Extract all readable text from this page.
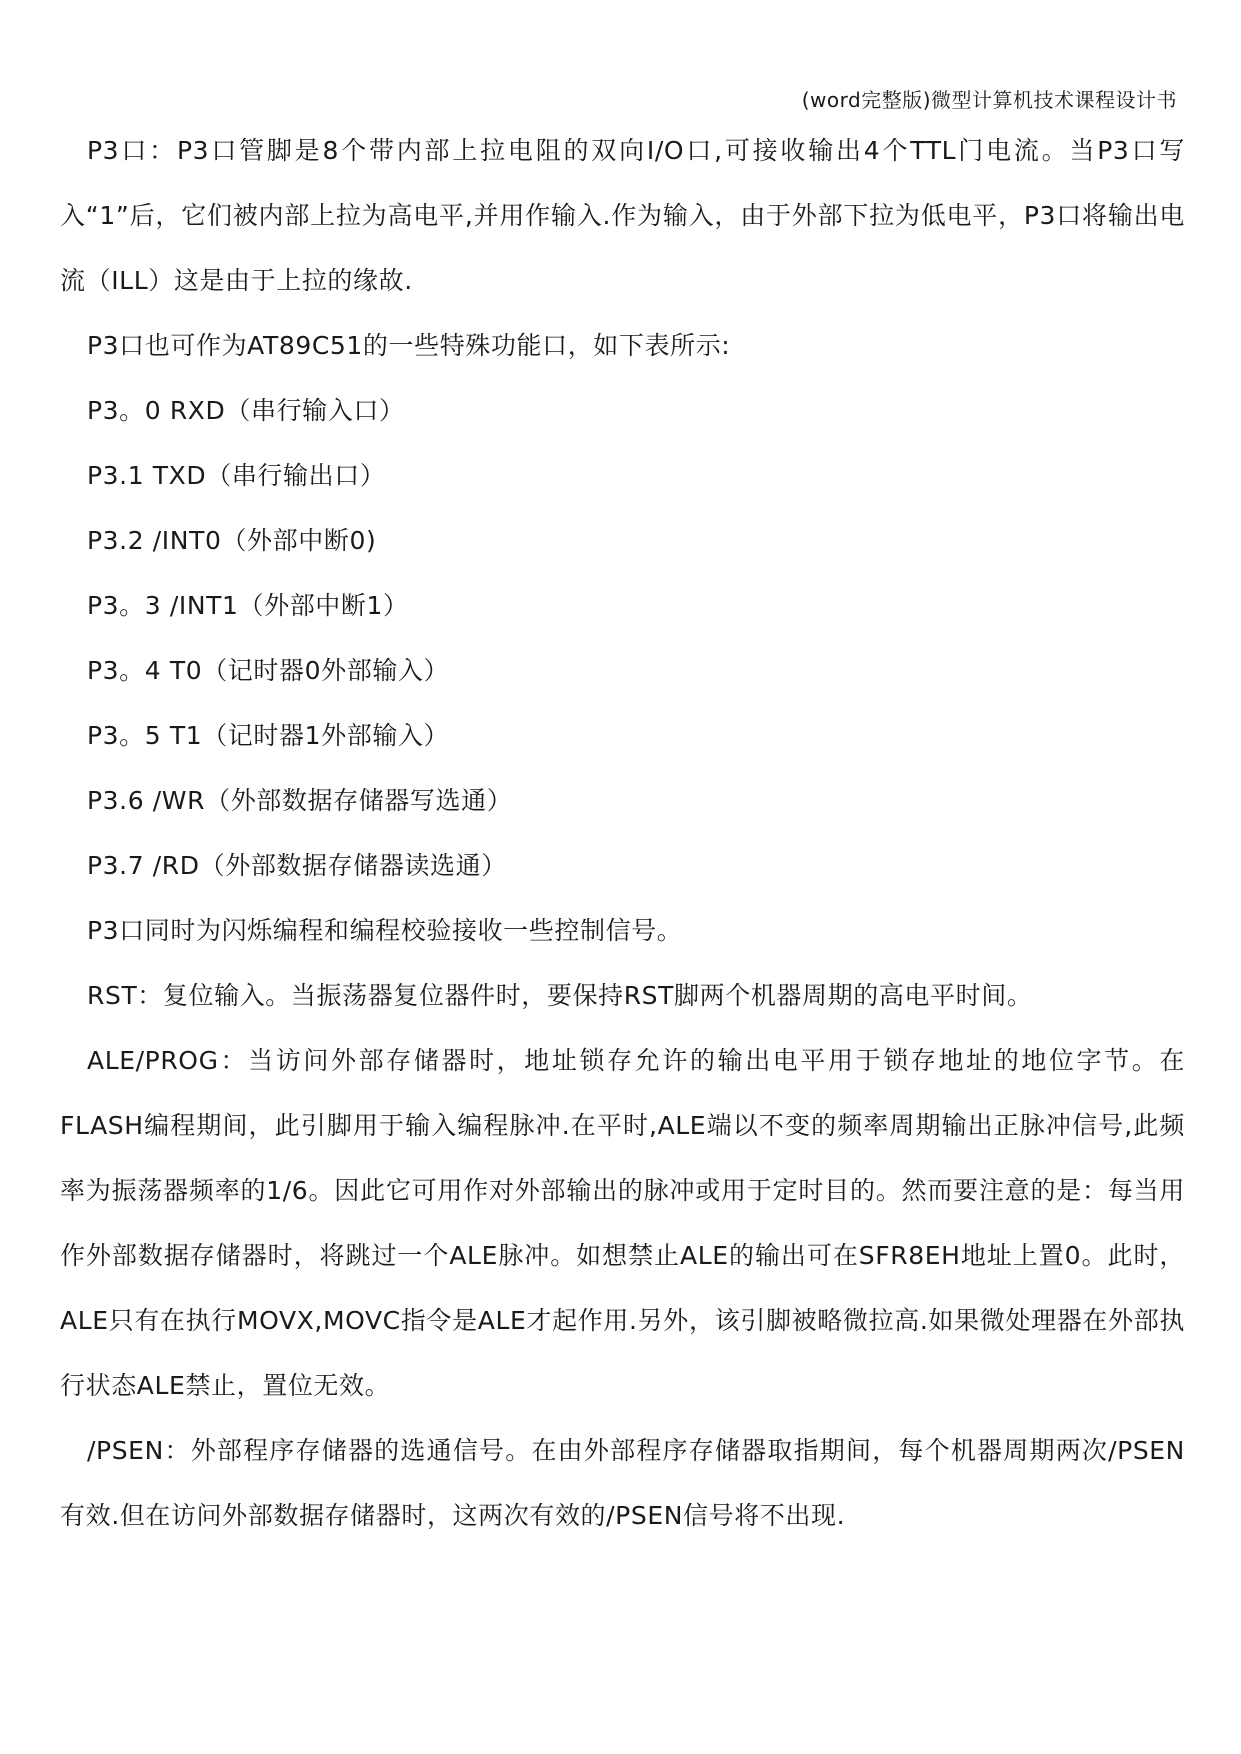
(word完整版)微型计算机技术课程设计书

P3口：P3口管脚是8个带内部上拉电阻的双向I/O口,可接收输出4个TTL门电流。当P3口写入“1”后，它们被内部上拉为高电平,并用作输入.作为输入，由于外部下拉为低电平，P3口将输出电流（ILL）这是由于上拉的缘故.

P3口也可作为AT89C51的一些特殊功能口，如下表所示:

P3。0 RXD（串行输入口）

P3.1 TXD（串行输出口）

P3.2 /INT0（外部中断0)

P3。3 /INT1（外部中断1）

P3。4 T0（记时器0外部输入）

P3。5 T1（记时器1外部输入）

P3.6 /WR（外部数据存储器写选通）

P3.7 /RD（外部数据存储器读选通）

P3口同时为闪烁编程和编程校验接收一些控制信号。

RST：复位输入。当振荡器复位器件时，要保持RST脚两个机器周期的高电平时间。

ALE/PROG：当访问外部存储器时，地址锁存允许的输出电平用于锁存地址的地位字节。在FLASH编程期间，此引脚用于输入编程脉冲.在平时,ALE端以不变的频率周期输出正脉冲信号,此频率为振荡器频率的1/6。因此它可用作对外部输出的脉冲或用于定时目的。然而要注意的是：每当用作外部数据存储器时，将跳过一个ALE脉冲。如想禁止ALE的输出可在SFR8EH地址上置0。此时， ALE只有在执行MOVX,MOVC指令是ALE才起作用.另外，该引脚被略微拉高.如果微处理器在外部执行状态ALE禁止，置位无效。

/PSEN：外部程序存储器的选通信号。在由外部程序存储器取指期间，每个机器周期两次/PSEN有效.但在访问外部数据存储器时，这两次有效的/PSEN信号将不出现.
